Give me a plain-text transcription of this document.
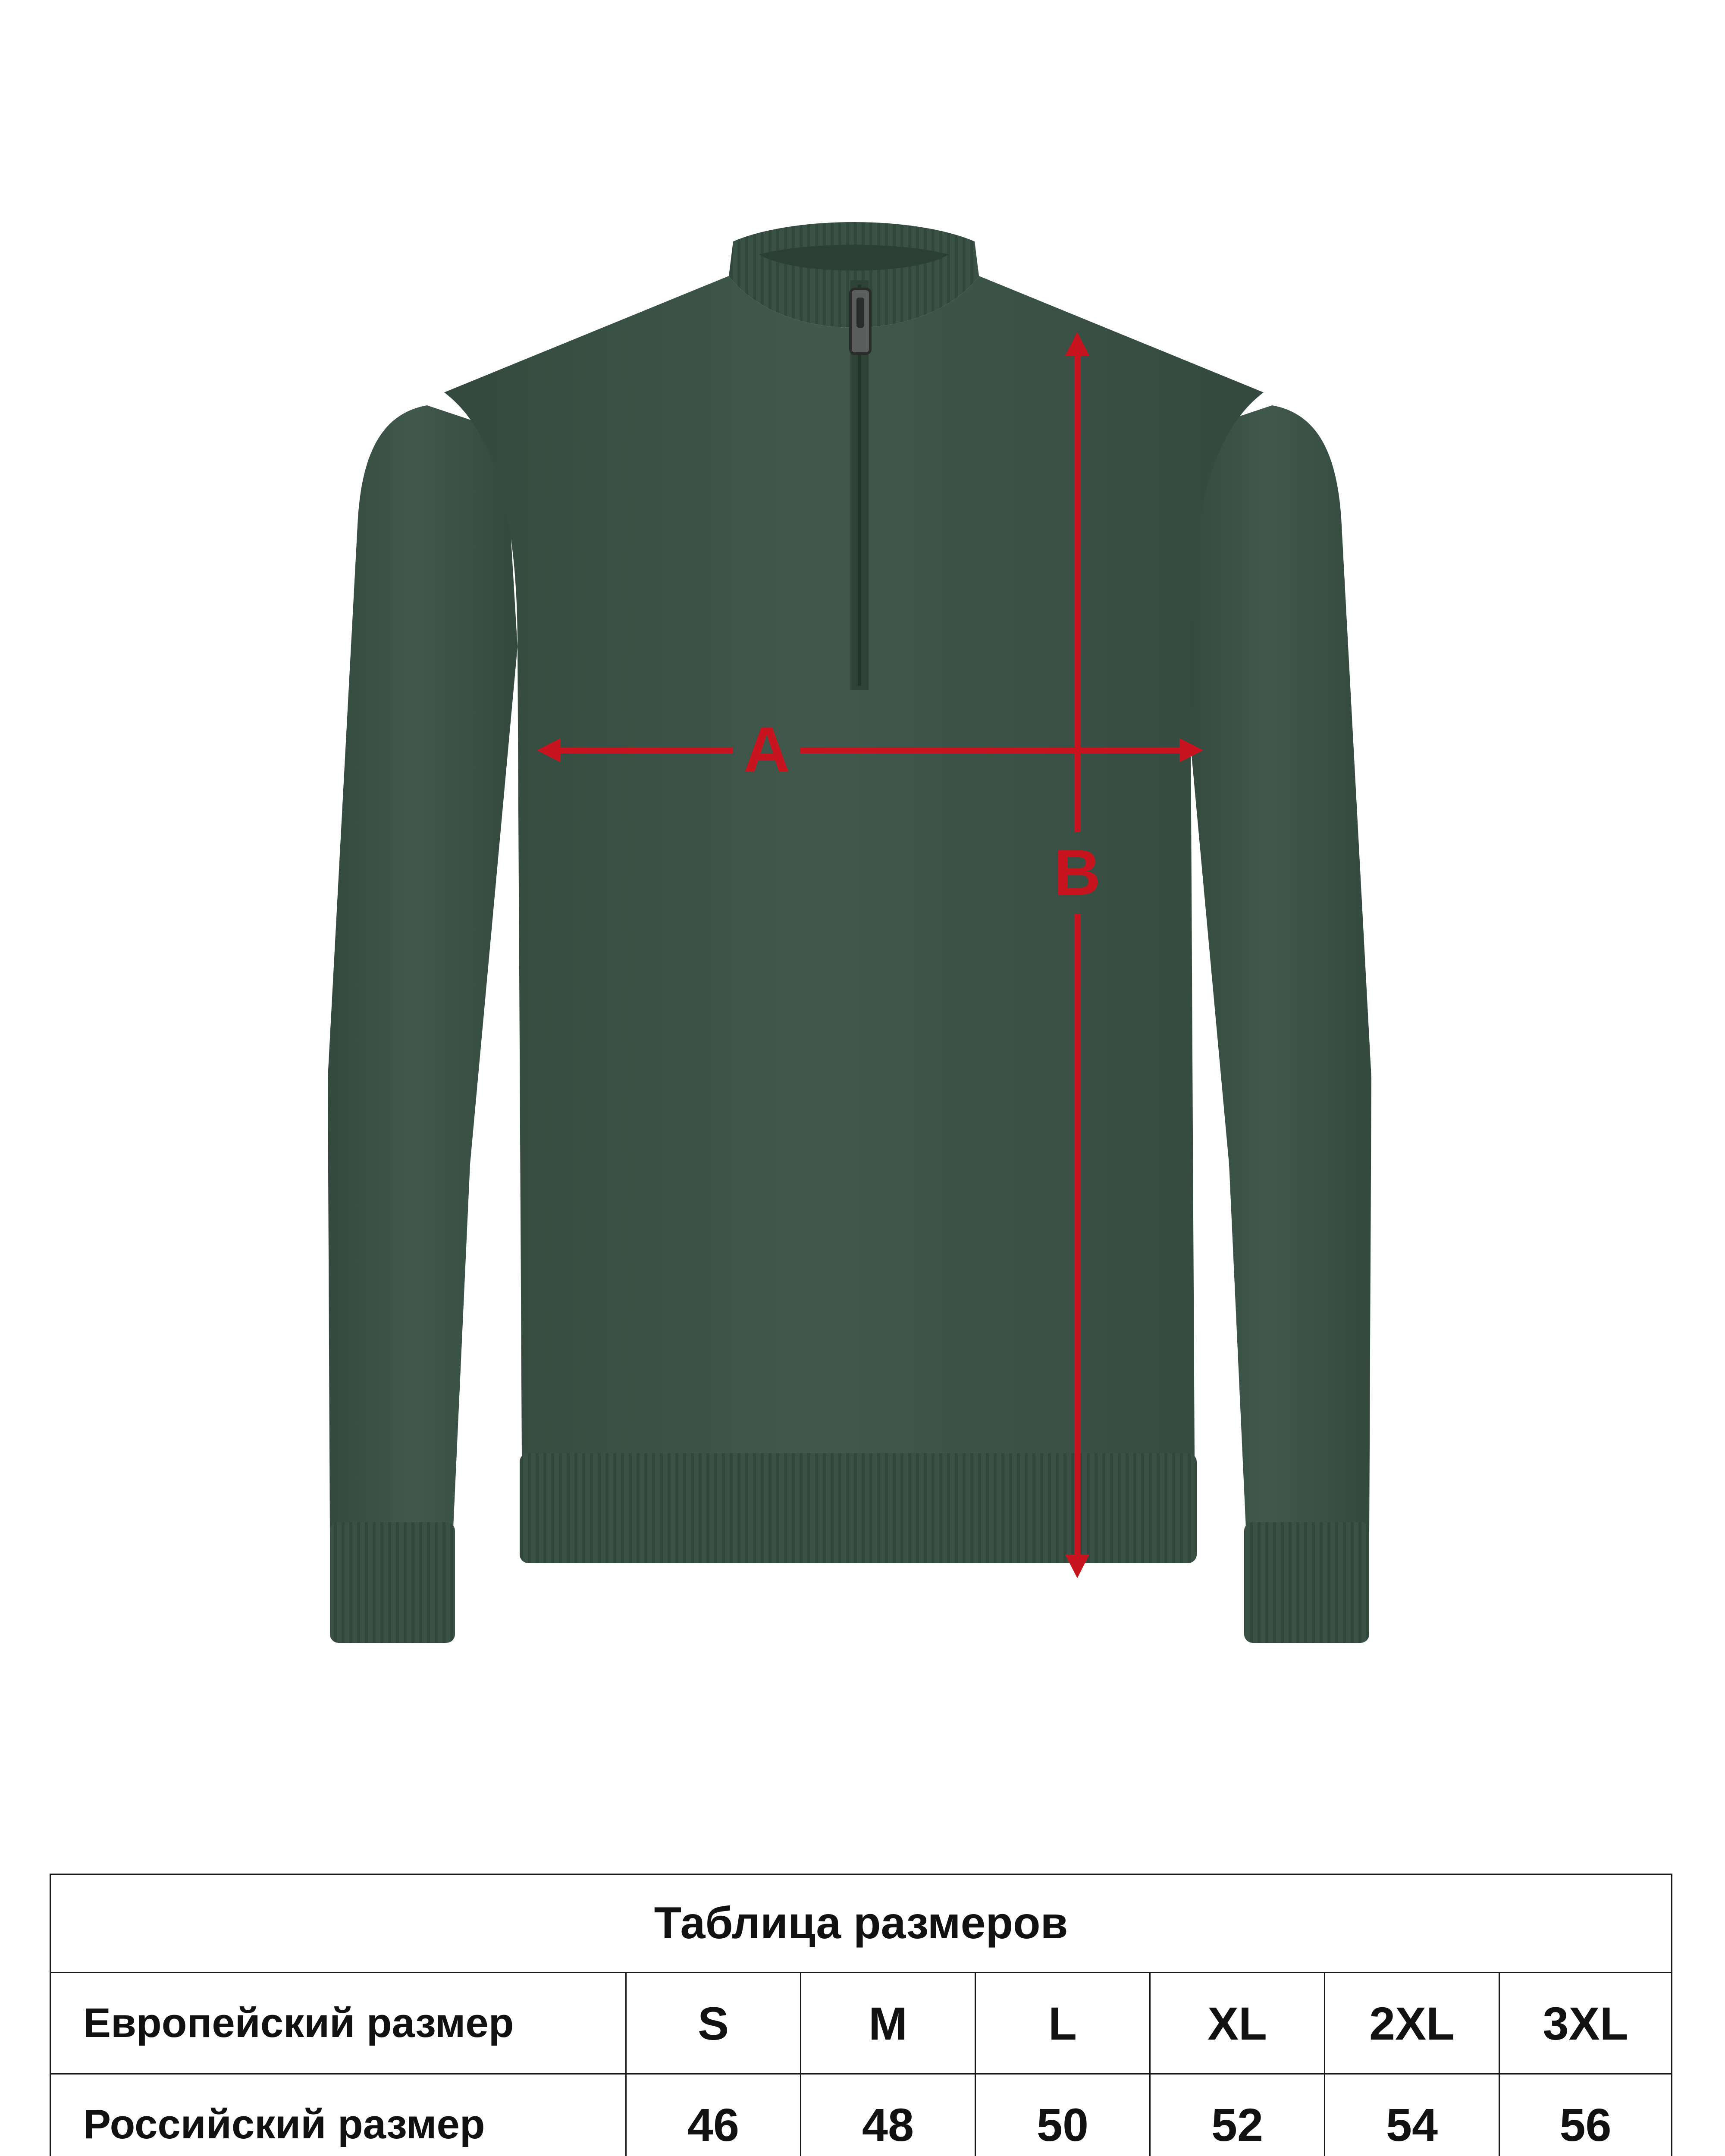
A
B
Таблица размеров						
Европейский размер	S	M	L	XL	2XL	3XL
Российский размер	46	48	50	52	54	56
